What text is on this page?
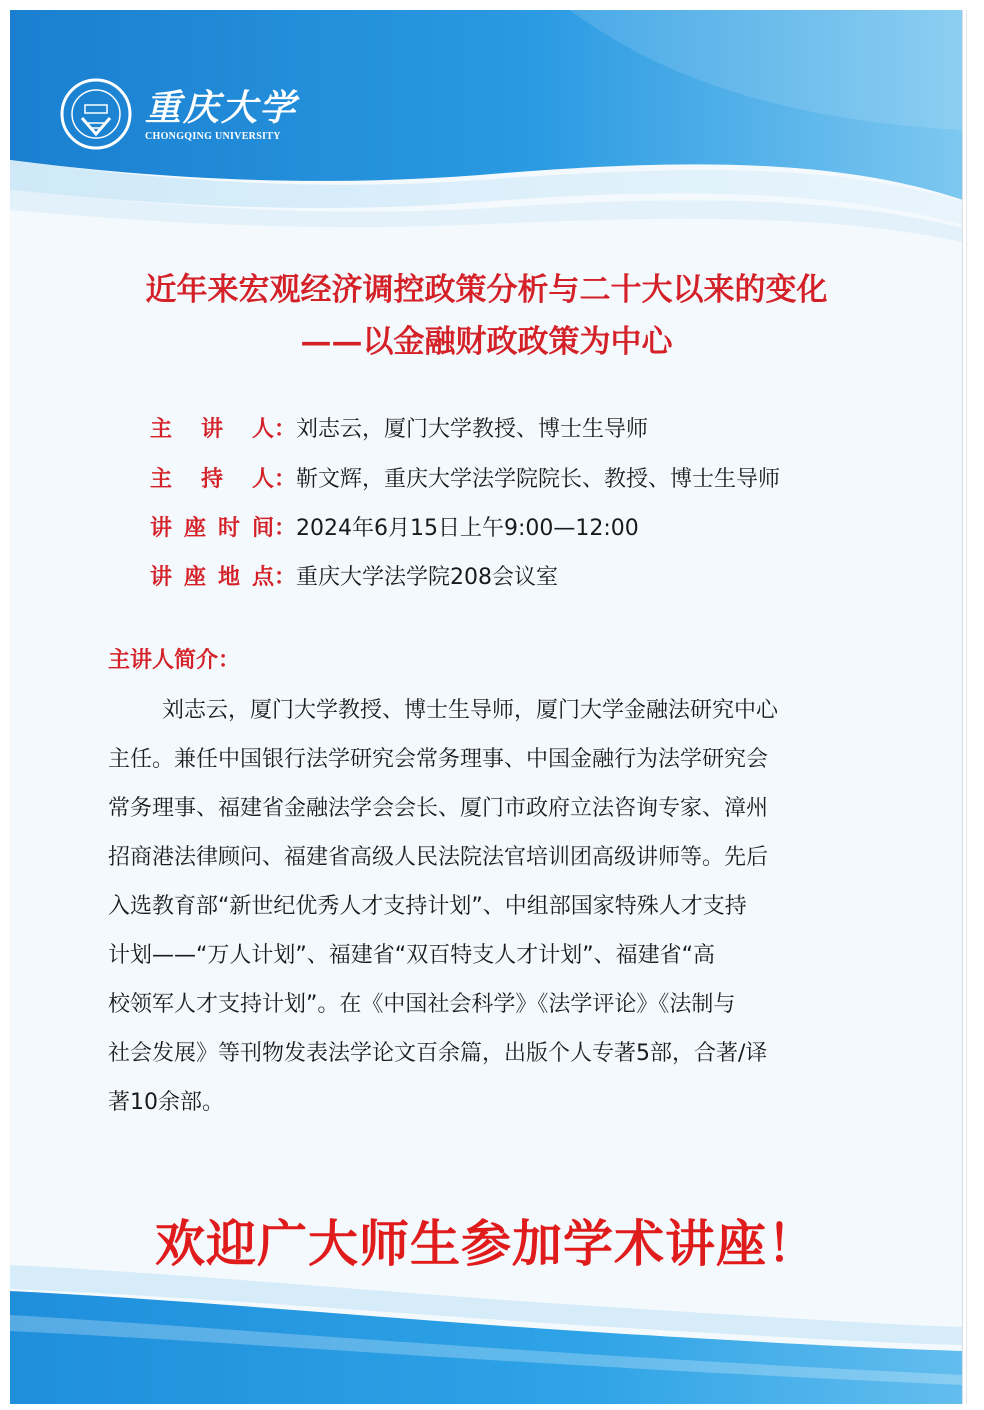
重庆大学
CHONGQING UNIVERSITY
近年来宏观经济调控政策分析与二十大以来的变化
——以金融财政政策为中心
主讲人：刘志云，厦门大学教授、博士生导师
主持人：靳文辉，重庆大学法学院院长、教授、博士生导师
讲座时间：2024年6月15日上午9:00—12:00
讲座地点：重庆大学法学院208会议室
主讲人简介：
刘志云，厦门大学教授、博士生导师，厦门大学金融法研究中心
主任。兼任中国银行法学研究会常务理事、中国金融行为法学研究会
常务理事、福建省金融法学会会长、厦门市政府立法咨询专家、漳州
招商港法律顾问、福建省高级人民法院法官培训团高级讲师等。先后
入选教育部“新世纪优秀人才支持计划”、中组部国家特殊人才支持
计划——“万人计划”、福建省“双百特支人才计划”、福建省“高
校领军人才支持计划”。在《中国社会科学》《法学评论》《法制与
社会发展》等刊物发表法学论文百余篇，出版个人专著5部，合著/译
著10余部。
欢迎广大师生参加学术讲座！
